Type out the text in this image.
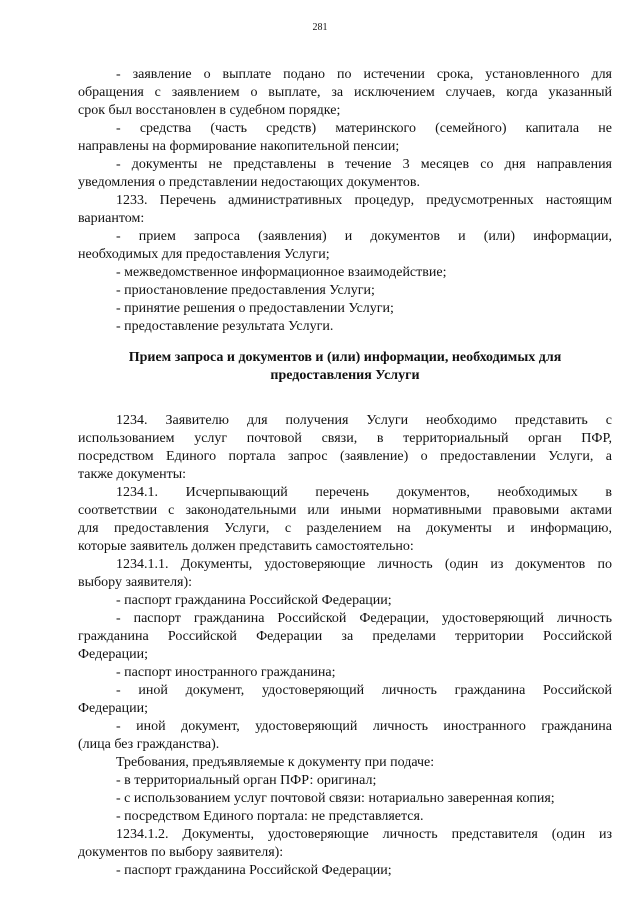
281
- заявление о выплате подано по истечении срока, установленного для
обращения с заявлением о выплате, за исключением случаев, когда указанный
срок был восстановлен в судебном порядке;
- средства (часть средств) материнского (семейного) капитала не
направлены на формирование накопительной пенсии;
- документы не представлены в течение 3 месяцев со дня направления
уведомления о представлении недостающих документов.
1233. Перечень административных процедур, предусмотренных настоящим
вариантом:
- прием запроса (заявления) и документов и (или) информации,
необходимых для предоставления Услуги;
- межведомственное информационное взаимодействие;
- приостановление предоставления Услуги;
- принятие решения о предоставлении Услуги;
- предоставление результата Услуги.
Прием запроса и документов и (или) информации, необходимых для
предоставления Услуги
1234. Заявителю для получения Услуги необходимо представить с
использованием услуг почтовой связи, в территориальный орган ПФР,
посредством Единого портала запрос (заявление) о предоставлении Услуги, а
также документы:
1234.1. Исчерпывающий перечень документов, необходимых в
соответствии с законодательными или иными нормативными правовыми актами
для предоставления Услуги, с разделением на документы и информацию,
которые заявитель должен представить самостоятельно:
1234.1.1. Документы, удостоверяющие личность (один из документов по
выбору заявителя):
- паспорт гражданина Российской Федерации;
- паспорт гражданина Российской Федерации, удостоверяющий личность
гражданина Российской Федерации за пределами территории Российской
Федерации;
- паспорт иностранного гражданина;
- иной документ, удостоверяющий личность гражданина Российской
Федерации;
- иной документ, удостоверяющий личность иностранного гражданина
(лица без гражданства).
Требования, предъявляемые к документу при подаче:
- в территориальный орган ПФР: оригинал;
- с использованием услуг почтовой связи: нотариально заверенная копия;
- посредством Единого портала: не представляется.
1234.1.2. Документы, удостоверяющие личность представителя (один из
документов по выбору заявителя):
- паспорт гражданина Российской Федерации;
